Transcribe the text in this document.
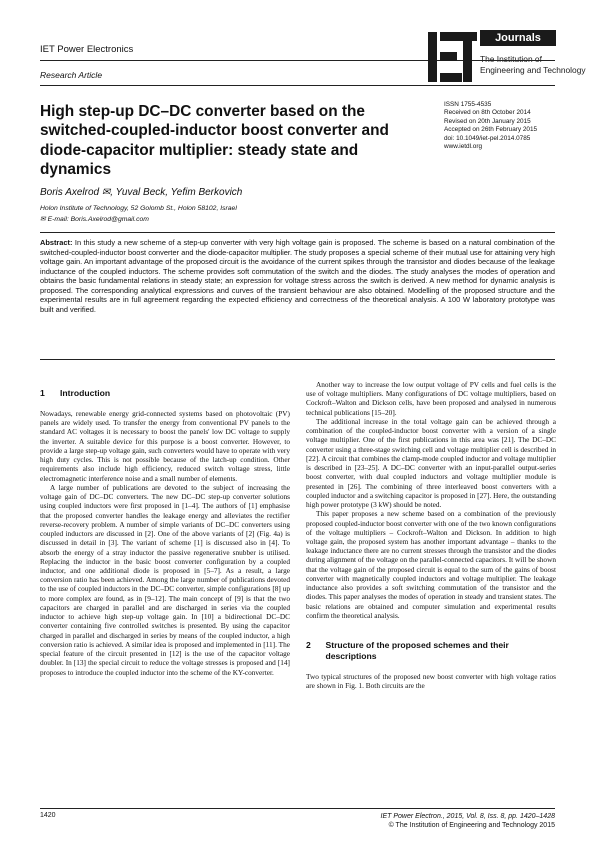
IET Power Electronics
Research Article
Journals
The Institution of
Engineering and Technology
High step-up DC–DC converter based on the switched-coupled-inductor boost converter and diode-capacitor multiplier: steady state and dynamics
Boris Axelrod ✉, Yuval Beck, Yefim Berkovich
Holon Institute of Technology, 52 Golomb St., Holon 58102, Israel
✉ E-mail: Boris.Axelrod@gmail.com
ISSN 1755-4535
Received on 8th October 2014
Revised on 20th January 2015
Accepted on 26th February 2015
doi: 10.1049/iet-pel.2014.0785
www.ietdl.org

Abstract: In this study a new scheme of a step-up converter with very high voltage gain is proposed. The scheme is based on a natural combination of the switched-coupled-inductor boost converter and the diode-capacitor multiplier. The study proposes a special scheme of their mutual use for attaining very high voltage gain. An important advantage of the proposed circuit is the avoidance of the current spikes through the transistor and diodes because of the leakage inductance of the coupled inductors. The scheme provides soft commutation of the switch and the diodes. The study analyses the modes of operation and obtains the basic fundamental relations in steady state; an expression for voltage stress across the switch is derived. A new method for dynamic analysis is proposed. The corresponding analytical expressions and curves of the transient behaviour are also obtained. Modelling of the proposed structure and the experimental results are in full agreement regarding the expected efficiency and correctness of the theoretical analysis. A 100 W laboratory prototype was built and verified.

1 Introduction

Nowadays, renewable energy grid-connected systems based on photovoltaic (PV) panels are widely used. To transfer the energy from conventional PV panels to the standard AC voltages it is necessary to boost the panels' low DC voltage to supply the inverter. A suitable device for this purpose is a boost converter. However, to provide a large step-up voltage gain, such converters would have to operate with very high duty cycles. This is not possible because of the latch-up condition. Other requirements also include high efficiency, reduced switch voltage stress, little electromagnetic interference noise and a small number of elements.

A large number of publications are devoted to the subject of increasing the voltage gain of DC–DC converters. The new DC–DC step-up converter solutions using coupled inductors were first proposed in [1–4]. The authors of [1] emphasise that the proposed converter handles the leakage energy and alleviates the rectifier reverse-recovery problem. A number of simple variants of DC–DC converters using coupled inductors are discussed in [2]. One of the above variants of [2] (Fig. 4a) is discussed in detail in [3]. The variant of scheme [1] is discussed also in [4]. To absorb the energy of a stray inductor the passive regenerative snubber is utilised. Replacing the inductor in the basic boost converter configuration by a coupled inductor, and one additional diode is proposed in [5–7]. As a result, a large conversion ratio has been achieved. Among the large number of publications devoted to the use of coupled inductors in the DC–DC converter, simple configurations [8] up to more complex are found, as in [9–12]. The main concept of [9] is that the two capacitors are charged in parallel and are discharged in series via the coupled inductor to achieve high step-up voltage gain. In [10] a bidirectional DC–DC converter containing five controlled switches is presented. By using the capacitor charged in parallel and discharged in series by means of the coupled inductor, a high conversion ratio is achieved. A similar idea is proposed and implemented in [11]. The special feature of the circuit presented in [12] is the use of the capacitor voltage doubler. In [13] the special circuit to reduce the voltage stresses is proposed and [14] proposes to introduce the coupled inductor into the scheme of the KY-converter.

Another way to increase the low output voltage of PV cells and fuel cells is the use of voltage multipliers. Many configurations of DC voltage multipliers, based on Cockroft–Walton and Dickson cells, have been proposed and analysed in numerous technical publications [15–20].

The additional increase in the total voltage gain can be achieved through a combination of the coupled-inductor boost converter with a version of a single voltage multiplier. One of the first publications in this area was [21]. The DC–DC converter using a three-stage switching cell and voltage multiplier cell is described in [22]. A circuit that combines the clamp-mode coupled inductor and voltage multiplier is described in [23–25]. A DC–DC converter with an input-parallel output-series boost converter, with dual coupled inductors and voltage multiplier module is presented in [26]. The combining of three interleaved boost converters with a coupled inductor and a switching capacitor is proposed in [27]. Here, the outstanding high power prototype (3 kW) should be noted.

This paper proposes a new scheme based on a combination of the previously proposed coupled-inductor boost converter with one of the two known configurations of the voltage multipliers – Cockroft–Walton and Dickson. In addition to high voltage gain, the proposed system has another important advantage – thanks to the leakage inductance there are no current stresses through the transistor and the diodes during alignment of the voltage on the parallel-connected capacitors. It will be shown that the voltage gain of the proposed circuit is equal to the sum of the gains of boost converter with magnetically coupled inductors and voltage multiplier. The leakage inductance also provides a soft switching commutation of the transistor and the diodes. This paper analyses the modes of operation in steady and transient states. The basic relations are obtained and computer simulation and experimental results confirm the theoretical analysis.

2	Structure of the proposed schemes and their descriptions

Two typical structures of the proposed new boost converter with high voltage ratios are shown in Fig. 1. Both circuits are the

1420	IET Power Electron., 2015, Vol. 8, Iss. 8, pp. 1420–1428
© The Institution of Engineering and Technology 2015
